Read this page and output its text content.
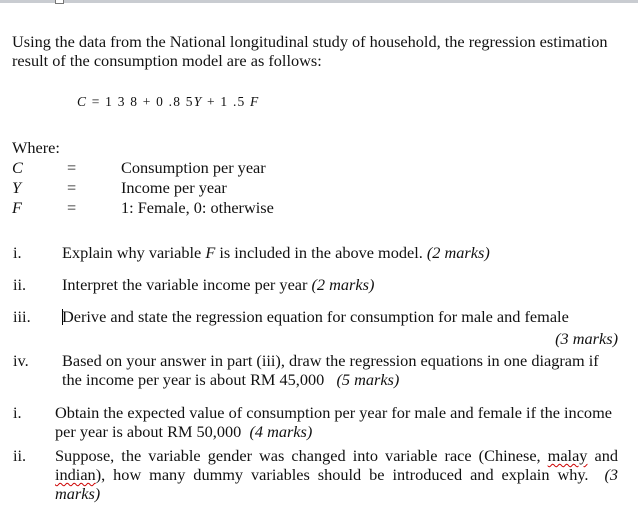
Using the data from the National longitudinal study of household, the regression estimation result of the consumption model are as follows:
C = 1 3 8 + 0 .8 5Y + 1 .5 F
Where:
C	=	Consumption per year
Y	=	Income per year
F	=	1: Female, 0: otherwise
i. Explain why variable F is included in the above model. (2 marks)
ii. Interpret the variable income per year (2 marks)
iii. Derive and state the regression equation for consumption for male and female
(3 marks)
iv. Based on your answer in part (iii), draw the regression equations in one diagram if the income per year is about RM 45,000   (5 marks)
i. Obtain the expected value of consumption per year for male and female if the income per year is about RM 50,000  (4 marks)
ii. Suppose, the variable gender was changed into variable race (Chinese, malay and indian), how many dummy variables should be introduced and explain why.  (3 marks)
